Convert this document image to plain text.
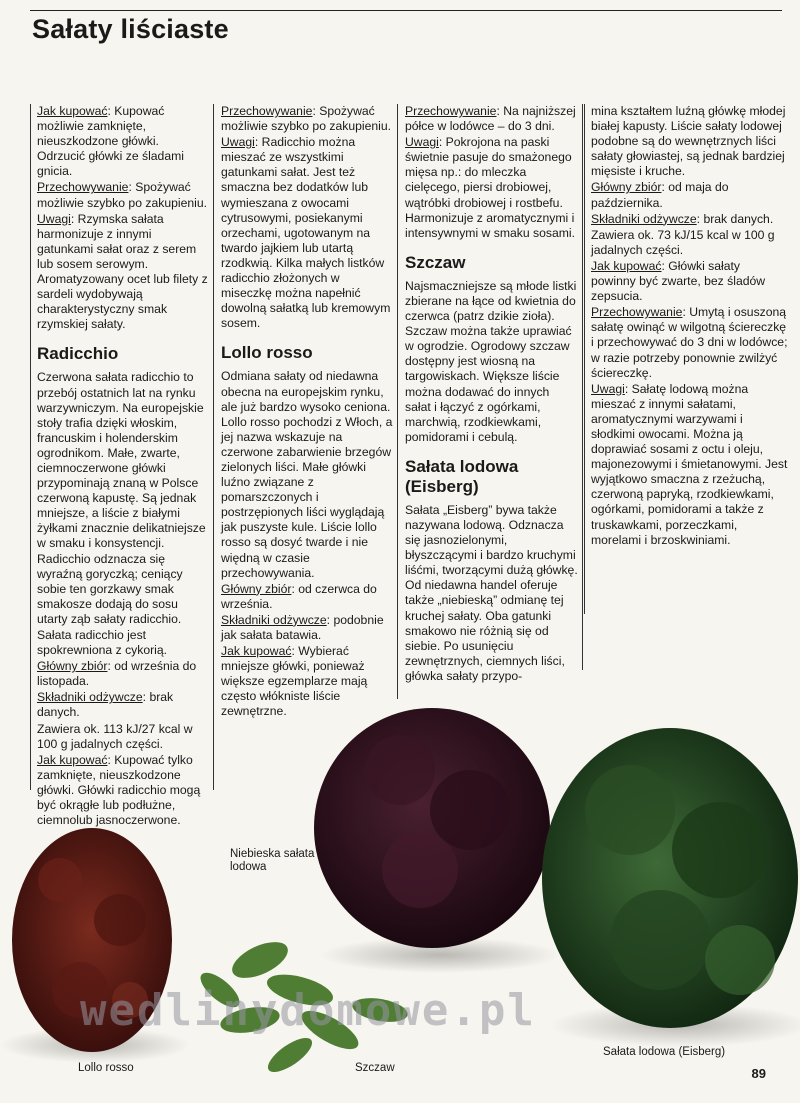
Sałaty liściaste

Jak kupować: Kupować możliwie zamknięte, nieuszkodzone główki. Odrzucić główki ze śladami gnicia.

Przechowywanie: Spożywać możliwie szybko po zakupieniu.

Uwagi: Rzymska sałata harmonizuje z innymi gatunkami sałat oraz z serem lub sosem serowym. Aromatyzowany ocet lub filety z sardeli wydobywają charakterystyczny smak rzymskiej sałaty.

Radicchio

Czerwona sałata radicchio to przebój ostatnich lat na rynku warzywniczym. Na europejskie stoły trafia dzięki włoskim, francuskim i holenderskim ogrodnikom. Małe, zwarte, ciemnoczerwone główki przypominają znaną w Polsce czerwoną kapustę. Są jednak mniejsze, a liście z białymi żyłkami znacznie delikatniejsze w smaku i konsystencji. Radicchio odznacza się wyraźną goryczką; ceniący sobie ten gorzkawy smak smakosze dodają do sosu utarty ząb sałaty radicchio.

Sałata radicchio jest spokrewniona z cykorią.

Główny zbiór: od września do listopada.

Składniki odżywcze: brak danych.

Zawiera ok. 113 kJ/27 kcal w 100 g jadalnych części.

Jak kupować: Kupować tylko zamknięte, nieuszkodzone główki. Główki radicchio mogą być okrągłe lub podłużne, ciemnolub jasnoczerwone.

Przechowywanie: Spożywać możliwie szybko po zakupieniu.

Uwagi: Radicchio można mieszać ze wszystkimi gatunkami sałat. Jest też smaczna bez dodatków lub wymieszana z owocami cytrusowymi, posiekanymi orzechami, ugotowanym na twardo jajkiem lub utartą rzodkwią. Kilka małych listków radicchio złożonych w miseczkę można napełnić dowolną sałatką lub kremowym sosem.

Lollo rosso

Odmiana sałaty od niedawna obecna na europejskim rynku, ale już bardzo wysoko ceniona. Lollo rosso pochodzi z Włoch, a jej nazwa wskazuje na czerwone zabarwienie brzegów zielonych liści. Małe główki luźno związane z pomarszczonych i postrzępionych liści wyglądają jak puszyste kule. Liście lollo rosso są dosyć twarde i nie więdną w czasie przechowywania.

Główny zbiór: od czerwca do września.

Składniki odżywcze: podobnie jak sałata batawia.

Jak kupować: Wybierać mniejsze główki, ponieważ większe egzemplarze mają często włókniste liście zewnętrzne.

Przechowywanie: Na najniższej półce w lodówce – do 3 dni.

Uwagi: Pokrojona na paski świetnie pasuje do smażonego mięsa np.: do mleczka cielęcego, piersi drobiowej, wątróbki drobiowej i rostbefu. Harmonizuje z aromatycznymi i intensywnymi w smaku sosami.

Szczaw

Najsmaczniejsze są młode listki zbierane na łące od kwietnia do czerwca (patrz dzikie zioła). Szczaw można także uprawiać w ogrodzie. Ogrodowy szczaw dostępny jest wiosną na targowiskach. Większe liście można dodawać do innych sałat i łączyć z ogórkami, marchwią, rzodkiewkami, pomidorami i cebulą.

Sałata lodowa (Eisberg)

Sałata „Eisberg” bywa także nazywana lodową. Odznacza się jasnozielonymi, błyszczącymi i bardzo kruchymi liśćmi, tworzącymi dużą główkę. Od niedawna handel oferuje także „niebieską” odmianę tej kruchej sałaty. Oba gatunki smakowo nie różnią się od siebie. Po usunięciu zewnętrznych, ciemnych liści, główka sałaty przypo-

mina kształtem luźną główkę młodej białej kapusty. Liście sałaty lodowej podobne są do wewnętrznych liści sałaty głowiastej, są jednak bardziej mięsiste i kruche.

Główny zbiór: od maja do października.

Składniki odżywcze: brak danych.

Zawiera ok. 73 kJ/15 kcal w 100 g jadalnych części.

Jak kupować: Główki sałaty powinny być zwarte, bez śladów zepsucia.

Przechowywanie: Umytą i osuszoną sałatę owinąć w wilgotną ściereczkę i przechowywać do 3 dni w lodówce; w razie potrzeby ponownie zwilżyć ściereczkę.

Uwagi: Sałatę lodową można mieszać z innymi sałatami, aromatycznymi warzywami i słodkimi owocami. Można ją doprawiać sosami z octu i oleju, majonezowymi i śmietanowymi. Jest wyjątkowo smaczna z rzeżuchą, czerwoną papryką, rzodkiewkami, ogórkami, pomidorami a także z truskawkami, porzeczkami, morelami i brzoskwiniami.

Niebieska sałata lodowa
Lollo rosso	Szczaw
Sałata lodowa (Eisberg)
wedlinydomowe.pl
89
